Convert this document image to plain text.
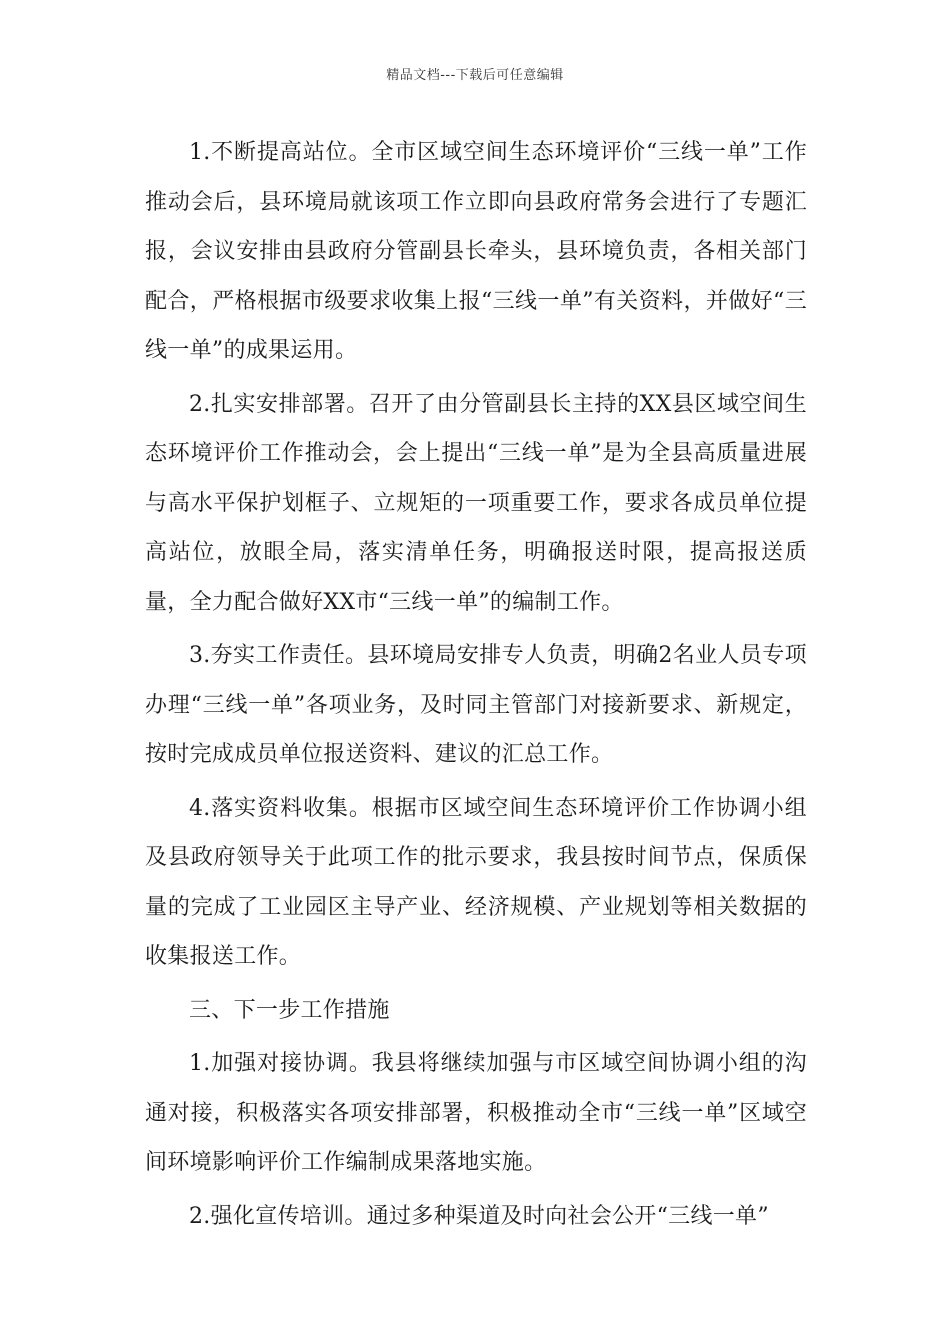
精品文档---下载后可任意编辑

1.不断提高站位。全市区域空间生态环境评价“三线一单”工作推动会后，县环境局就该项工作立即向县政府常务会进行了专题汇报，会议安排由县政府分管副县长牵头，县环境负责，各相关部门配合，严格根据市级要求收集上报“三线一单”有关资料，并做好“三线一单”的成果运用。

2.扎实安排部署。召开了由分管副县长主持的XX县区域空间生态环境评价工作推动会，会上提出“三线一单”是为全县高质量进展与高水平保护划框子、立规矩的一项重要工作，要求各成员单位提高站位，放眼全局，落实清单任务，明确报送时限，提高报送质量，全力配合做好XX市“三线一单”的编制工作。

3.夯实工作责任。县环境局安排专人负责，明确2名业人员专项办理“三线一单”各项业务，及时同主管部门对接新要求、新规定，按时完成成员单位报送资料、建议的汇总工作。

4.落实资料收集。根据市区域空间生态环境评价工作协调小组及县政府领导关于此项工作的批示要求，我县按时间节点，保质保量的完成了工业园区主导产业、经济规模、产业规划等相关数据的收集报送工作。

三、下一步工作措施

1.加强对接协调。我县将继续加强与市区域空间协调小组的沟通对接，积极落实各项安排部署，积极推动全市“三线一单”区域空间环境影响评价工作编制成果落地实施。

2.强化宣传培训。通过多种渠道及时向社会公开“三线一单”
